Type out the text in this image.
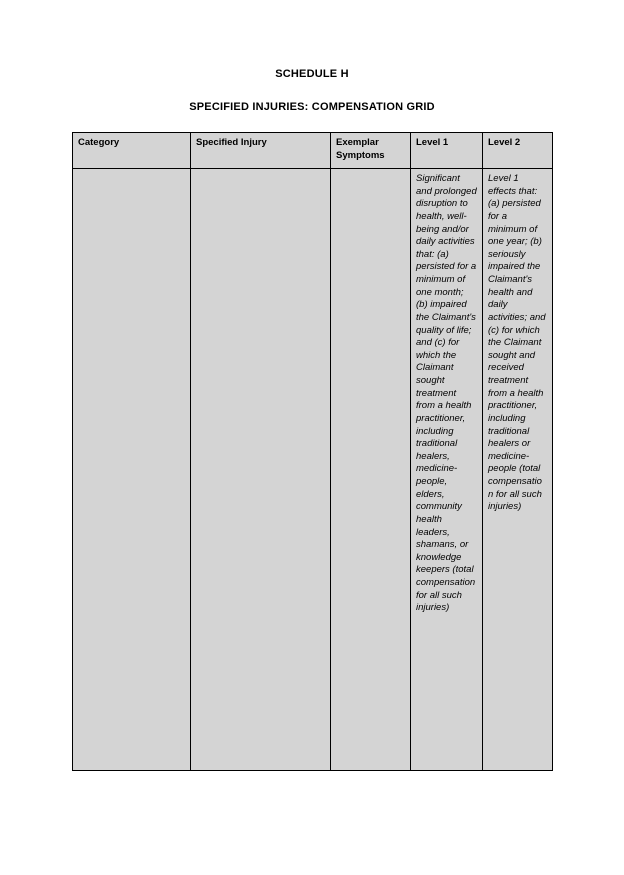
SCHEDULE H
SPECIFIED INJURIES: COMPENSATION GRID
Category	Specified Injury	Exemplar Symptoms	Level 1	Level 2
			Significant and prolonged disruption to health, well-being and/or daily activities that: (a) persisted for a minimum of one month; (b) impaired the Claimant's quality of life; and (c) for which the Claimant sought treatment from a health practitioner, including traditional healers, medicine-people, elders, community health leaders, shamans, or knowledge keepers (total compensation for all such injuries)	Level 1 effects that: (a) persisted for a minimum of one year; (b) seriously impaired the Claimant's health and daily activities; and (c) for which the Claimant sought and received treatment from a health practitioner, including traditional healers or medicine-people (total compensation for all such injuries)
